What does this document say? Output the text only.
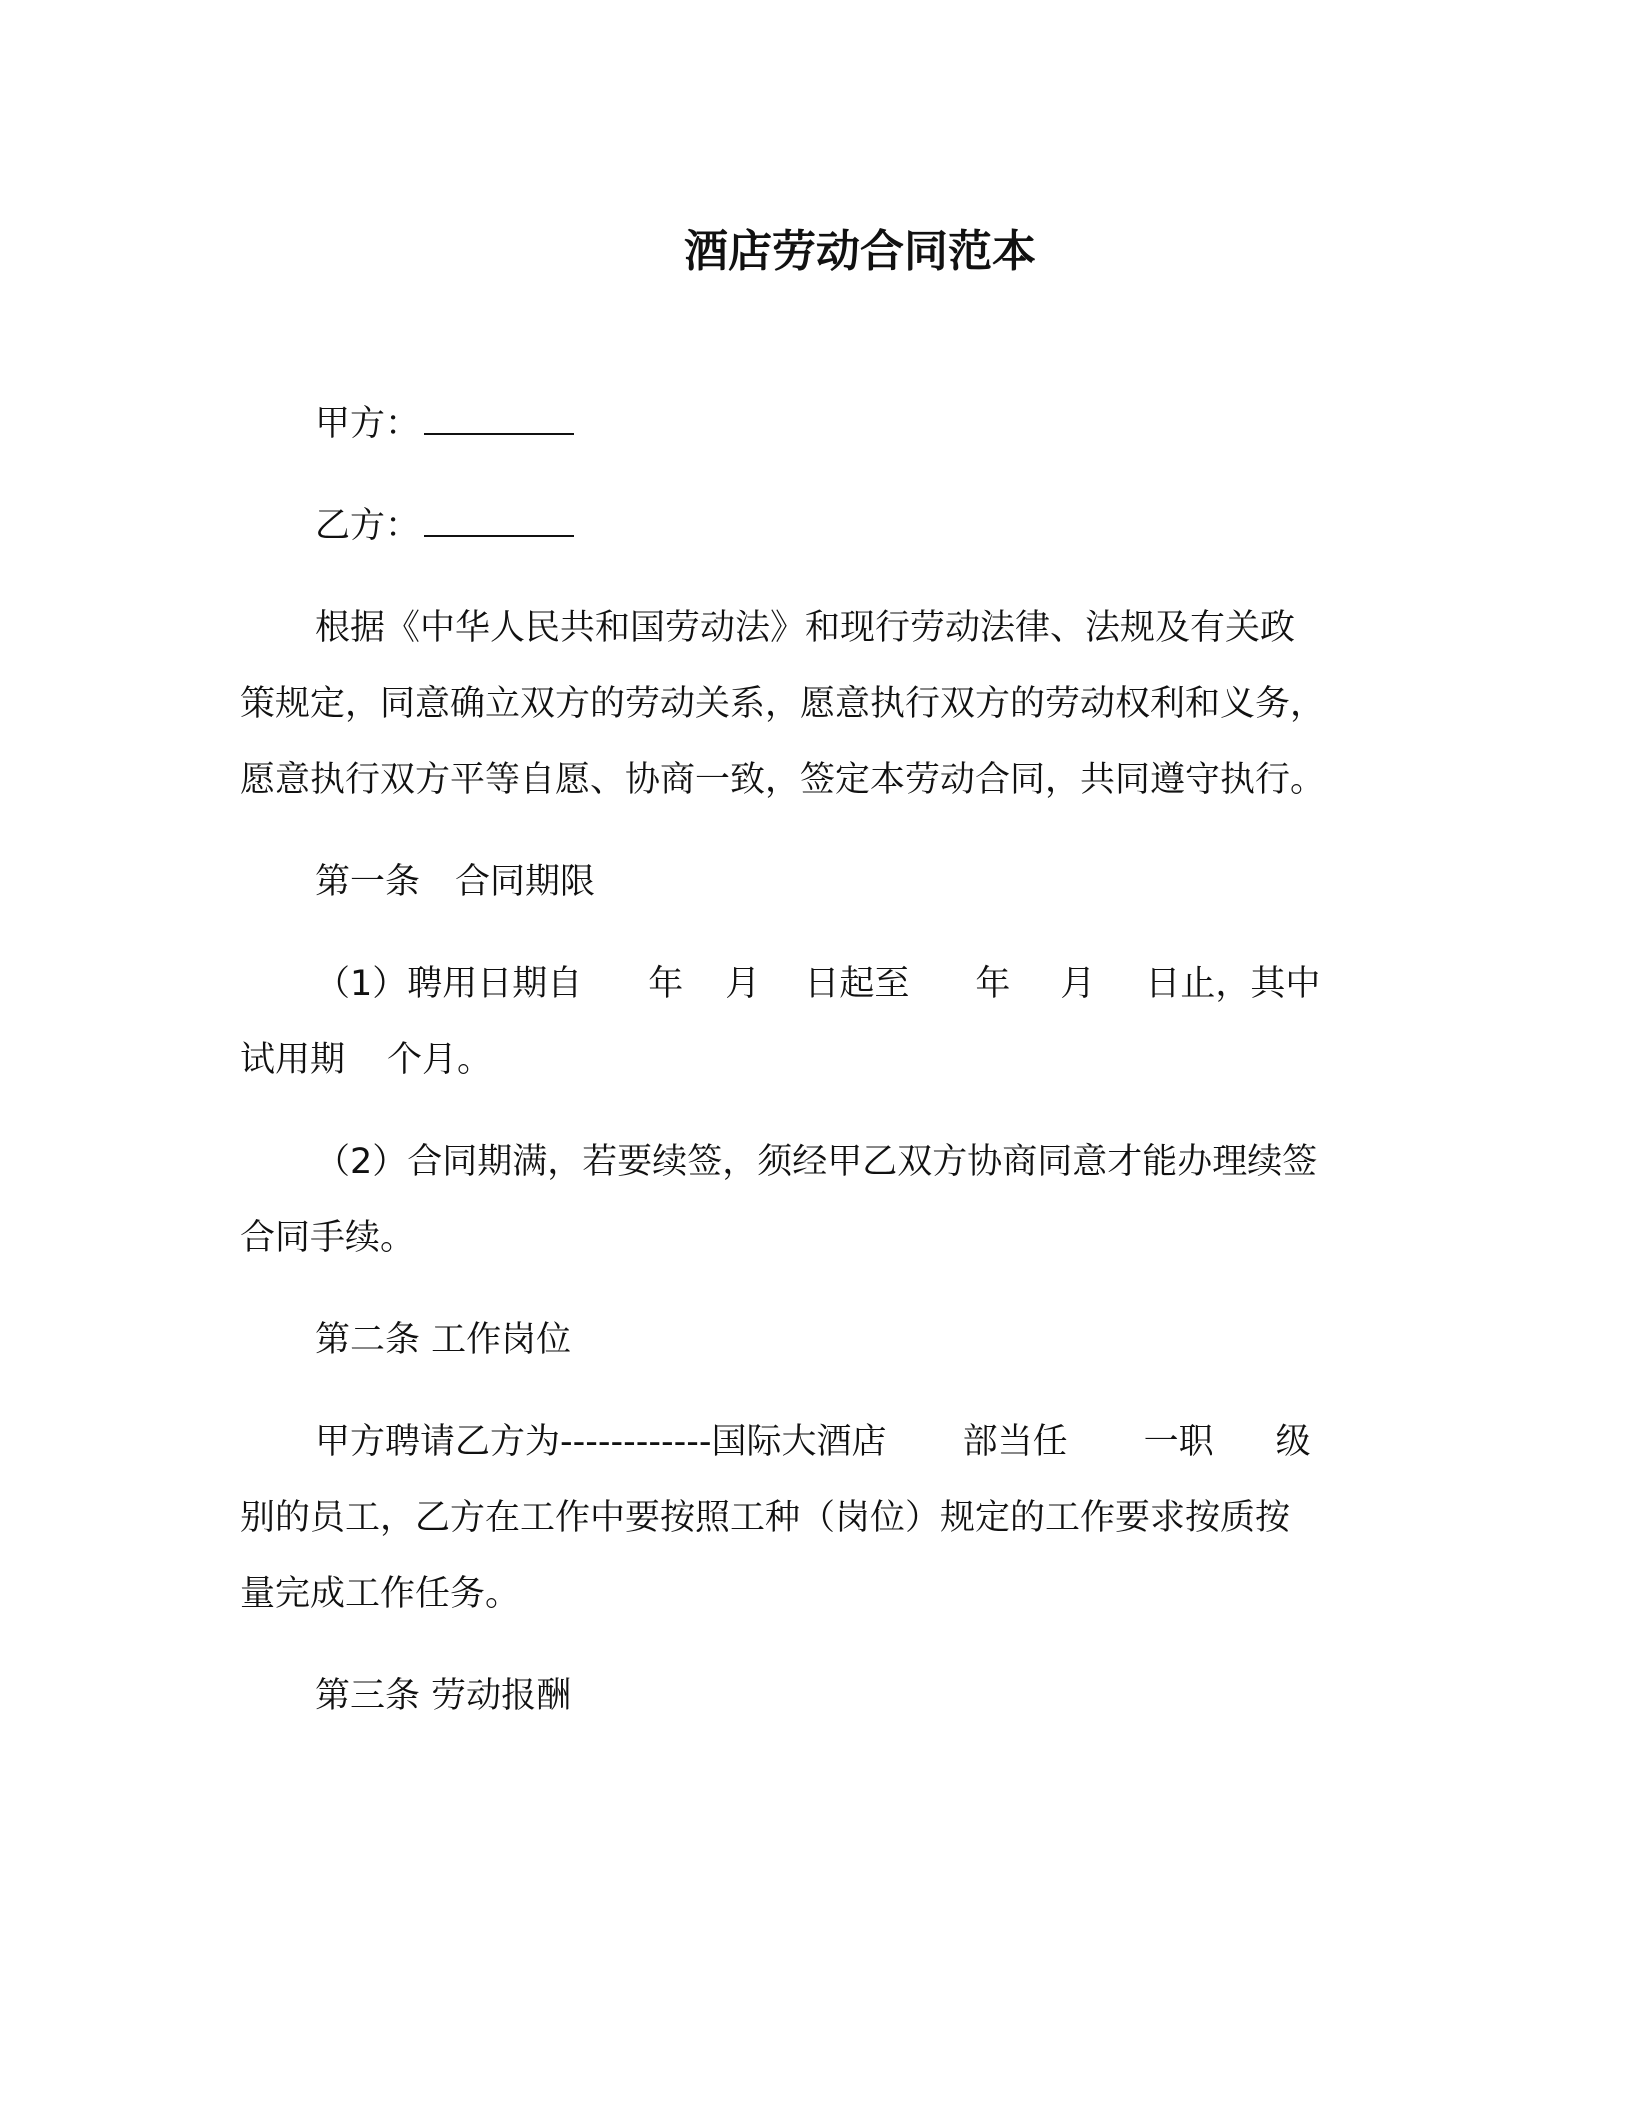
酒店劳动合同范本
甲方：
乙方：
根据《中华人民共和国劳动法》和现行劳动法律、法规及有关政
策规定，同意确立双方的劳动关系，愿意执行双方的劳动权利和义务，
愿意执行双方平等自愿、协商一致，签定本劳动合同，共同遵守执行。
第一条　合同期限
（1）聘用日期自 年 月 日起至 年 月 日止，其中
试用期 个月。
（2）合同期满，若要续签，须经甲乙双方协商同意才能办理续签
合同手续。
第二条 工作岗位
甲方聘请乙方为------------国际大酒店 部当任 一职 级
别的员工，乙方在工作中要按照工种（岗位）规定的工作要求按质按
量完成工作任务。
第三条 劳动报酬
